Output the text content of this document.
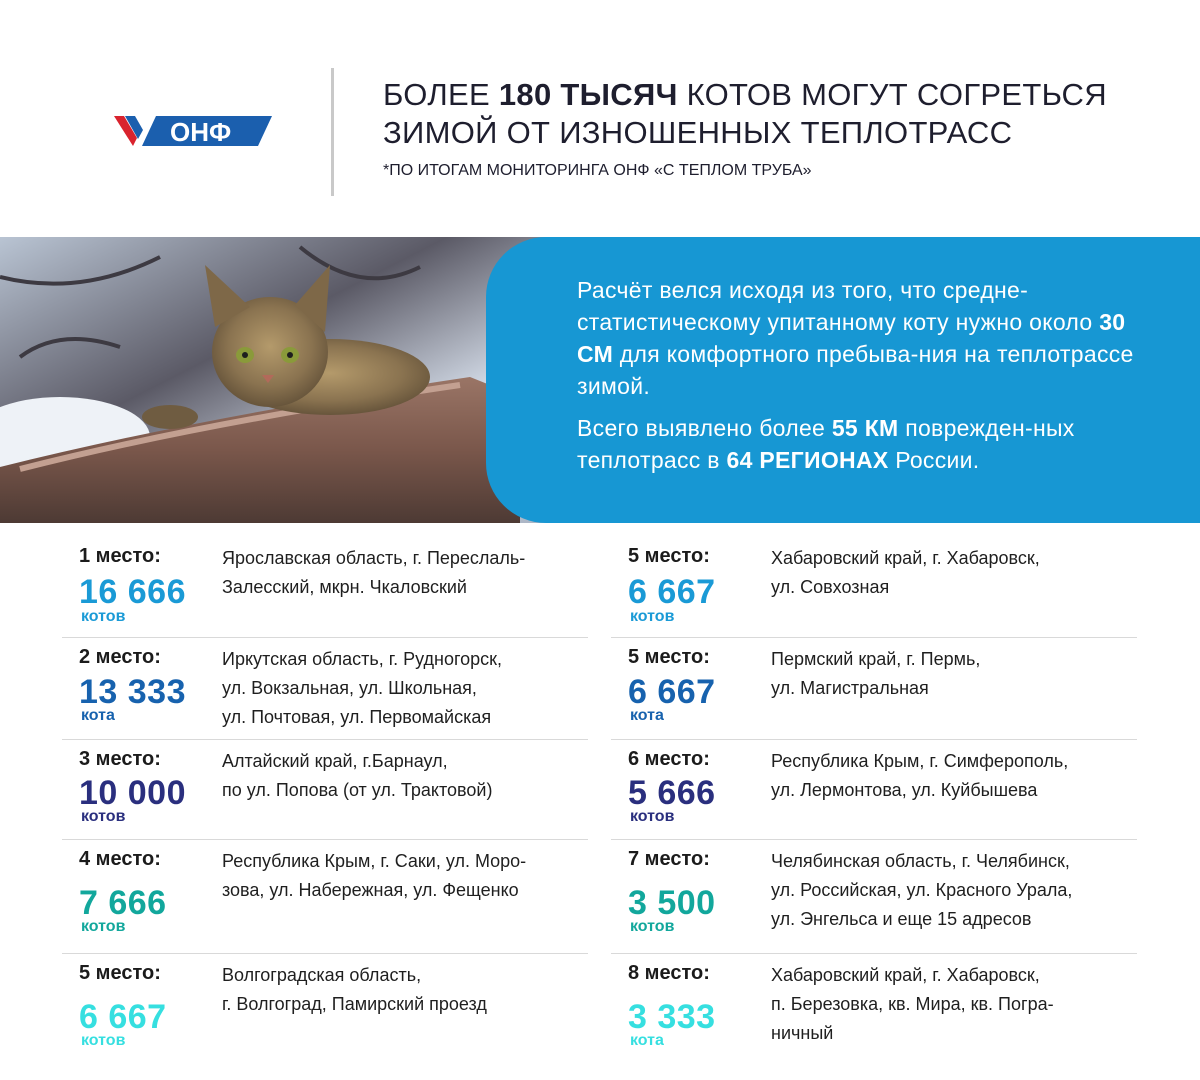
ОНФ
БОЛЕЕ 180 ТЫСЯЧ КОТОВ МОГУТ СОГРЕТЬСЯ
ЗИМОЙ ОТ ИЗНОШЕННЫХ ТЕПЛОТРАСС
*ПО ИТОГАМ МОНИТОРИНГА ОНФ «С ТЕПЛОМ ТРУБА»

Расчёт велся исходя из того, что средне-статистическому упитанному коту нужно около 30 СМ для комфортного пребыва-ния на теплотрассе зимой.

Всего выявлено более 55 КМ поврежден-ных теплотрасс в 64 РЕГИОНАХ России.

1 место:
16 666
котов
Ярославская область, г. Переслаль-
Залесский, мкрн. Чкаловский
2 место:
13 333
кота
Иркутская область, г. Рудногорск,
ул. Вокзальная, ул. Школьная,
ул. Почтовая, ул. Первомайская
3 место:
10 000
котов
Алтайский край, г.Барнаул,
по ул. Попова (от ул. Трактовой)
4 место:
7 666
котов
Республика Крым, г. Саки, ул. Моро-
зова, ул. Набережная, ул. Фещенко
5 место:
6 667
котов
Волгоградская область,
г. Волгоград, Памирский проезд
5 место:
6 667
котов
Хабаровский край, г. Хабаровск,
ул. Совхозная
5 место:
6 667
кота
Пермский край, г. Пермь,
ул. Магистральная
6 место:
5 666
котов
Республика Крым, г. Симферополь,
ул. Лермонтова, ул. Куйбышева
7 место:
3 500
котов
Челябинская область, г. Челябинск,
ул. Российская, ул. Красного Урала,
ул. Энгельса и еще 15 адресов
8 место:
3 333
кота
Хабаровский край, г. Хабаровск,
п. Березовка, кв. Мира, кв. Погра-
ничный
